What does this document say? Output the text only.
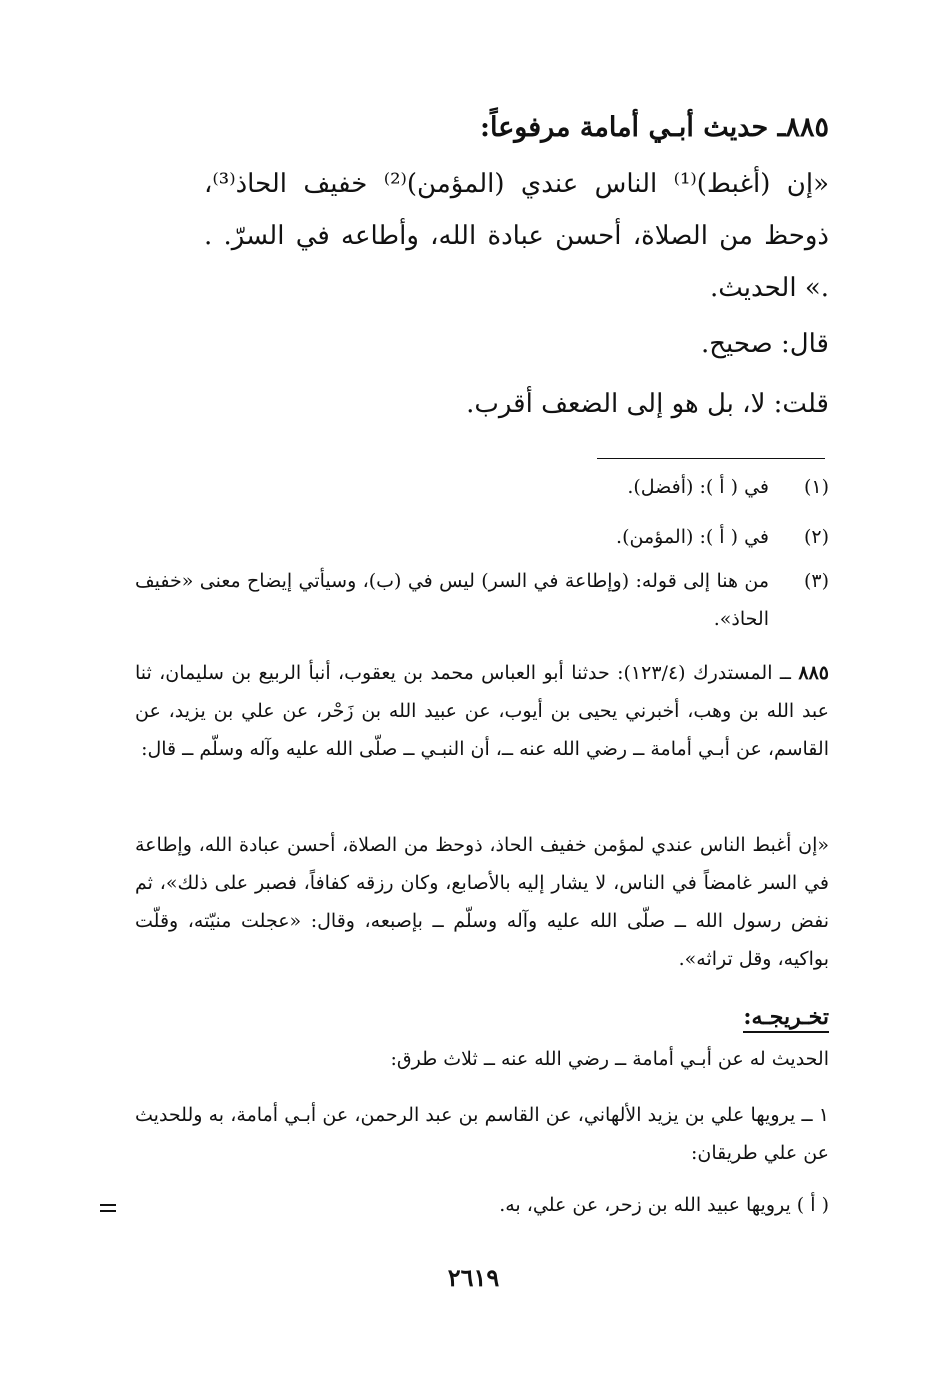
٨٨٥ـ حديث أبـي أمامة مرفوعاً:
«إن (أغبط)⁽¹⁾ الناس عندي (المؤمن)⁽²⁾ خفيف الحاذ⁽³⁾، ذوحظ من الصلاة، أحسن عبادة الله، وأطاعه في السرّ. . .» الحديث.
قال: صحيح.
قلت: لا، بل هو إلى الضعف أقرب.
(١)
في ( أ ): (أفضل).
(٢)
في ( أ ): (المؤمن).
(٣)
من هنا إلى قوله: (وإطاعة في السر) ليس في (ب)، وسيأتي إيضاح معنى «خفيف الحاذ».
٨٨٥ ــ المستدرك (١٢٣/٤): حدثنا أبو العباس محمد بن يعقوب، أنبأ الربيع بن سليمان، ثنا عبد الله بن وهب، أخبرني يحيى بن أيوب، عن عبيد الله بن زَحْر، عن علي بن يزيد، عن القاسم، عن أبـي أمامة ــ رضي الله عنه ــ، أن النبـي ــ صلّى الله عليه وآله وسلّم ــ قال:
«إن أغبط الناس عندي لمؤمن خفيف الحاذ، ذوحظ من الصلاة، أحسن عبادة الله، وإطاعة في السر غامضاً في الناس، لا يشار إليه بالأصابع، وكان رزقه كفافاً، فصبر على ذلك»، ثم نفض رسول الله ــ صلّى الله عليه وآله وسلّم ــ بإصبعه، وقال: «عجلت منيّته، وقلّت بواكيه، وقل تراثه».
تخـريجـه:
الحديث له عن أبـي أمامة ــ رضي الله عنه ــ ثلاث طرق:
١ ــ يرويها علي بن يزيد الألهاني، عن القاسم بن عبد الرحمن، عن أبـي أمامة، به وللحديث عن علي طريقان:
( أ ) يرويها عبيد الله بن زحر، عن علي، به.
٢٦١٩
